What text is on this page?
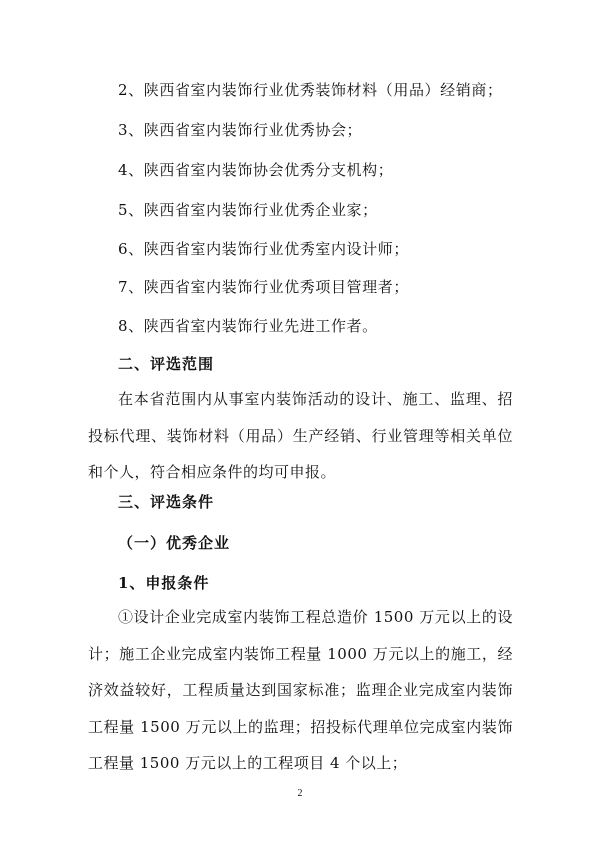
2、陕西省室内装饰行业优秀装饰材料（用品）经销商；
3、陕西省室内装饰行业优秀协会；
4、陕西省室内装饰协会优秀分支机构；
5、陕西省室内装饰行业优秀企业家；
6、陕西省室内装饰行业优秀室内设计师；
7、陕西省室内装饰行业优秀项目管理者；
8、陕西省室内装饰行业先进工作者。
二、评选范围
在本省范围内从事室内装饰活动的设计、施工、监理、招投标代理、装饰材料（用品）生产经销、行业管理等相关单位和个人，符合相应条件的均可申报。
三、评选条件
（一）优秀企业
1、申报条件
①设计企业完成室内装饰工程总造价 1500 万元以上的设计；施工企业完成室内装饰工程量 1000 万元以上的施工，经济效益较好，工程质量达到国家标准；监理企业完成室内装饰工程量 1500 万元以上的监理；招投标代理单位完成室内装饰工程量 1500 万元以上的工程项目 4 个以上；
2
